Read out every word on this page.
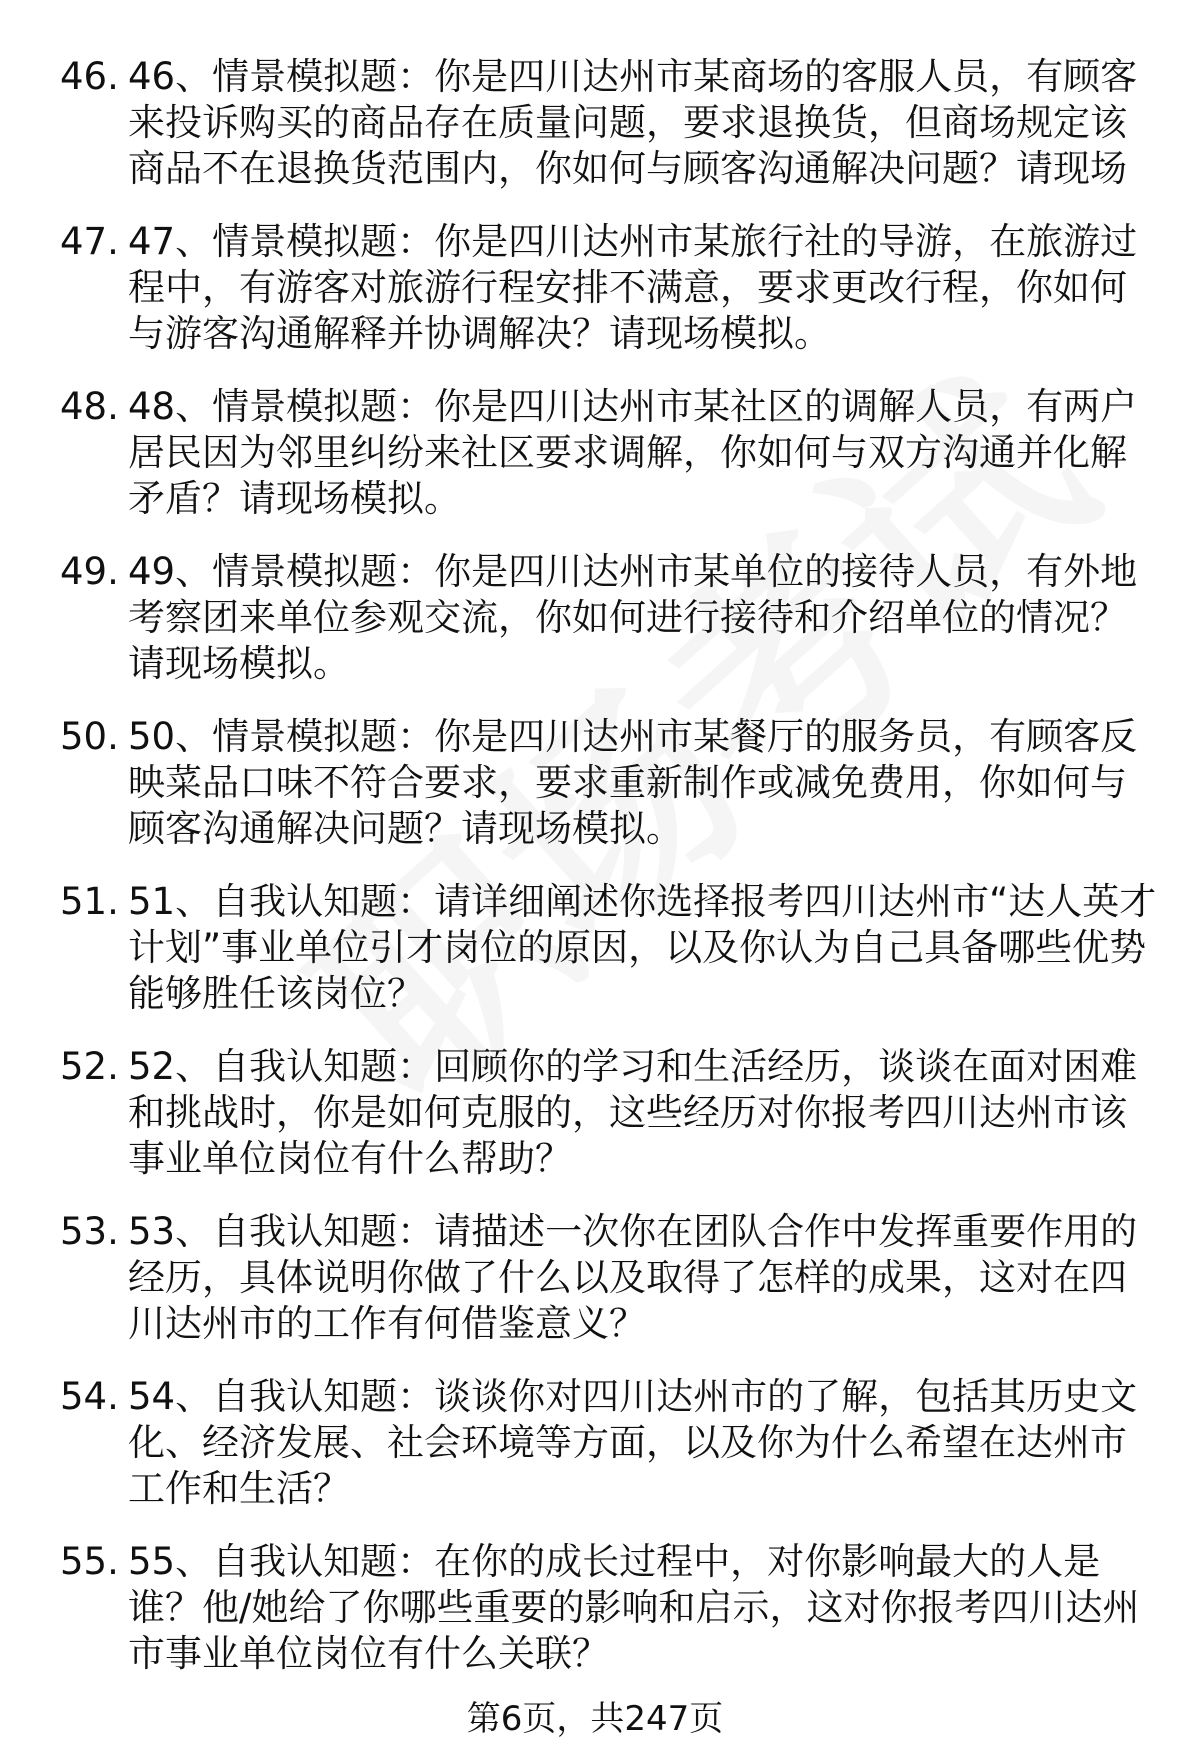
46. 46、情景模拟题：你是四川达州市某商场的客服人员，有顾客来投诉购买的商品存在质量问题，要求退换货，但商场规定该商品不在退换货范围内，你如何与顾客沟通解决问题？请现场
47. 47、情景模拟题：你是四川达州市某旅行社的导游，在旅游过程中，有游客对旅游行程安排不满意，要求更改行程，你如何与游客沟通解释并协调解决？请现场模拟。
48. 48、情景模拟题：你是四川达州市某社区的调解人员，有两户居民因为邻里纠纷来社区要求调解，你如何与双方沟通并化解矛盾？请现场模拟。
49. 49、情景模拟题：你是四川达州市某单位的接待人员，有外地考察团来单位参观交流，你如何进行接待和介绍单位的情况？请现场模拟。
50. 50、情景模拟题：你是四川达州市某餐厅的服务员，有顾客反映菜品口味不符合要求，要求重新制作或减免费用，你如何与顾客沟通解决问题？请现场模拟。
51. 51、自我认知题：请详细阐述你选择报考四川达州市“达人英才计划”事业单位引才岗位的原因，以及你认为自己具备哪些优势能够胜任该岗位？
52. 52、自我认知题：回顾你的学习和生活经历，谈谈在面对困难和挑战时，你是如何克服的，这些经历对你报考四川达州市该事业单位岗位有什么帮助？
53. 53、自我认知题：请描述一次你在团队合作中发挥重要作用的经历，具体说明你做了什么以及取得了怎样的成果，这对在四川达州市的工作有何借鉴意义？
54. 54、自我认知题：谈谈你对四川达州市的了解，包括其历史文化、经济发展、社会环境等方面，以及你为什么希望在达州市工作和生活？
55. 55、自我认知题：在你的成长过程中，对你影响最大的人是谁？他/她给了你哪些重要的影响和启示，这对你报考四川达州市事业单位岗位有什么关联？
第6页，共247页
